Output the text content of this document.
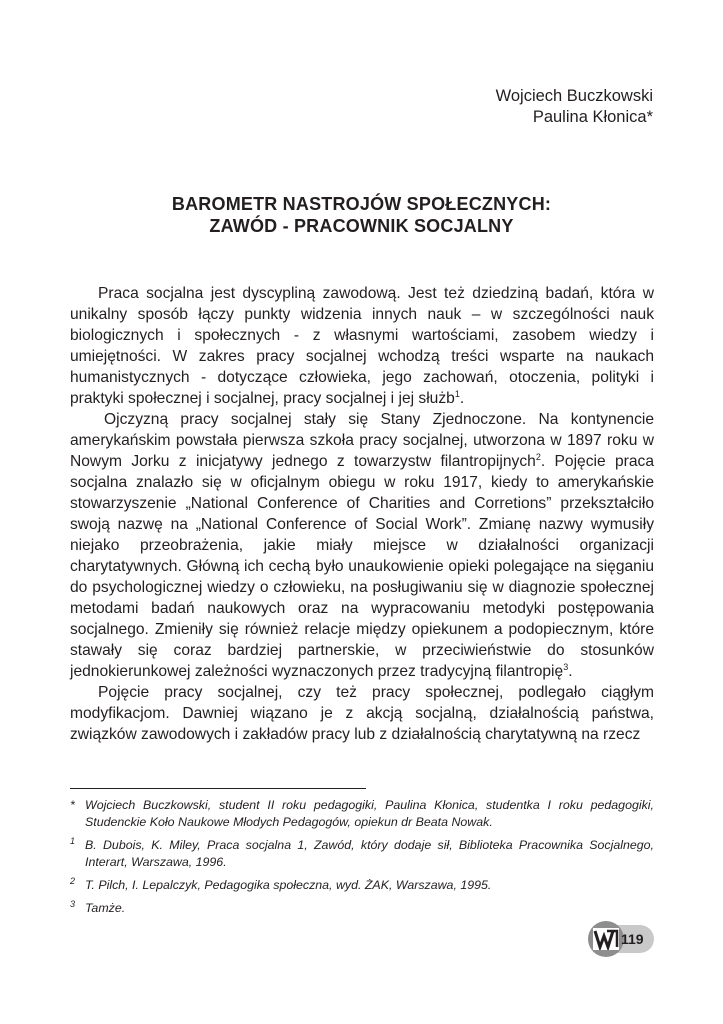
Wojciech Buczkowski
Paulina Kłonica*
BAROMETR NASTROJÓW SPOŁECZNYCH:
ZAWÓD - PRACOWNIK SOCJALNY

Praca socjalna jest dyscypliną zawodową. Jest też dziedziną badań, która w unikalny sposób łączy punkty widzenia innych nauk – w szczególności nauk biologicznych i społecznych - z własnymi wartościami, zasobem wiedzy i umiejętności. W zakres pracy socjalnej wchodzą treści wsparte na naukach humanistycznych - dotyczące człowieka, jego zachowań, otoczenia, polityki i praktyki społecznej i socjalnej, pracy socjalnej i jej służb$^1$.

Ojczyzną pracy socjalnej stały się Stany Zjednoczone. Na kontynencie amerykańskim powstała pierwsza szkoła pracy socjalnej, utworzona w 1897 roku w Nowym Jorku z inicjatywy jednego z towarzystw filantropijnych$^2$. Pojęcie praca socjalna znalazło się w oficjalnym obiegu w roku 1917, kiedy to amerykańskie stowarzyszenie „National Conference of Charities and Corretions” przekształciło swoją nazwę na „National Conference of Social Work”. Zmianę nazwy wymusiły niejako przeobrażenia, jakie miały miejsce w działalności organizacji charytatywnych. Główną ich cechą było unaukowienie opieki polegające na sięganiu do psychologicznej wiedzy o człowieku, na posługiwaniu się w diagnozie społecznej metodami badań naukowych oraz na wypracowaniu metodyki postępowania socjalnego. Zmieniły się również relacje między opiekunem a podopiecznym, które stawały się coraz bardziej partnerskie, w przeciwieństwie do stosunków jednokierunkowej zależności wyznaczonych przez tradycyjną filantropię$^3$.

Pojęcie pracy socjalnej, czy też pracy społecznej, podlegało ciągłym modyfikacjom. Dawniej wiązano je z akcją socjalną, działalnością państwa, związków zawodowych i zakładów pracy lub z działalnością charytatywną na rzecz

* Wojciech Buczkowski, student II roku pedagogiki, Paulina Kłonica, studentka I roku pedagogiki, Studenckie Koło Naukowe Młodych Pedagogów, opiekun dr Beata Nowak.
1 B. Dubois, K. Miley, Praca socjalna 1, Zawód, który dodaje sił, Biblioteka Pracownika Socjalnego, Interart, Warszawa, 1996.
2 T. Pilch, I. Lepalczyk, Pedagogika społeczna, wyd. ŻAK, Warszawa, 1995.
3 Tamże.
119
